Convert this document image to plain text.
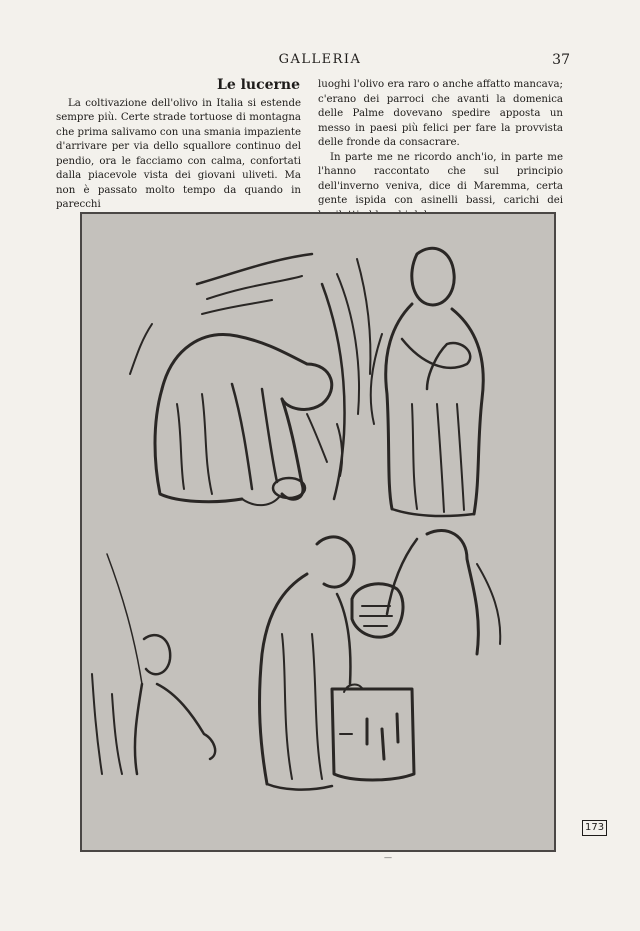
GALLERIA	37
Le lucerne

La coltivazione dell'olivo in Italia si estende sempre più. Certe strade tortuose di montagna che prima salivamo con una smania impaziente d'arrivare per via dello squallore continuo del pendio, ora le facciamo con calma, confortati dalla piacevole vista dei giovani uliveti. Ma non è passato molto tempo da quando in parecchi

luoghi l'olivo era raro o anche affatto mancava; c'erano dei parroci che avanti la domenica delle Palme dovevano spedire apposta un messo in paesi più felici per fare la provvista delle fronde da consacrare.

In parte me ne ricordo anch'io, in parte me l'hanno raccontato che sul principio dell'inverno veniva, dice di Maremma, certa gente ispida con asinelli bassi, carichi dei

173
—
